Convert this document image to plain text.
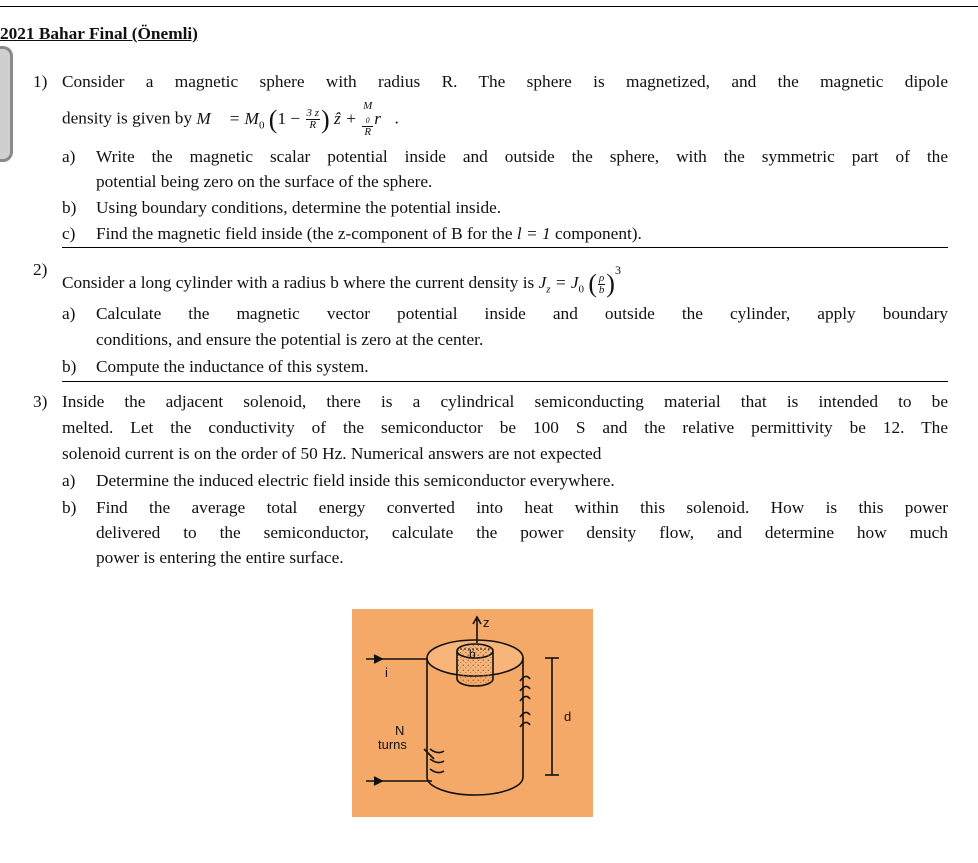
2021 Bahar Final (Önemli)
1) Consider a magnetic sphere with radius R. The sphere is magnetized, and the magnetic dipole
density is given by M⃗ = $M_0$ ($1 - \frac{3 z}{R}$ ) ẑ + M
$_0$
R r⃗.
a) Write the magnetic scalar potential inside and outside the sphere, with the symmetric part of the
potential being zero on the surface of the sphere.
b) Using boundary conditions, determine the potential inside.
c) Find the magnetic field inside (the z-component of B for the l = 1 component).
2)
Consider a long cylinder with a radius b where the current density is $J_z = J_0$ ( $\frac{\rho}{b} )^3$
a) Calculate the magnetic vector potential inside and outside the cylinder, apply boundary
conditions, and ensure the potential is zero at the center.
b) Compute the inductance of this system.
3) Inside the adjacent solenoid, there is a cylindrical semiconducting material that is intended to be
melted. Let the conductivity of the semiconductor be 100 S and the relative permittivity be 12. The
solenoid current is on the order of 50 Hz. Numerical answers are not expected
a) Determine the induced electric field inside this semiconductor everywhere.
b) Find the average total energy converted into heat within this solenoid. How is this power
delivered to the semiconductor, calculate the power density flow, and determine how much
power is entering the entire surface.
z
b
i
d
N
turns
